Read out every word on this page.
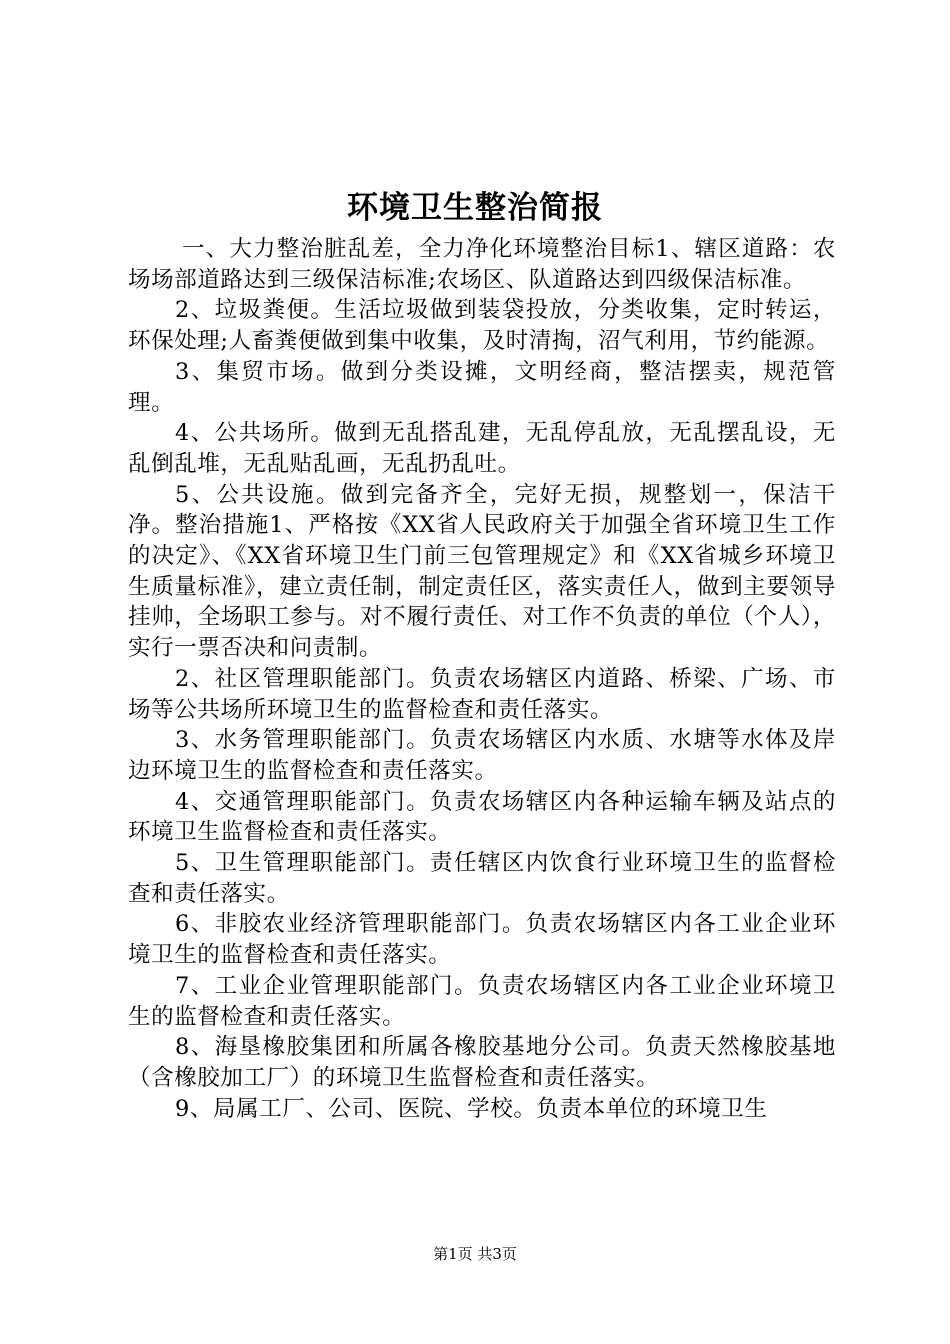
环境卫生整治简报

一、大力整治脏乱差，全力净化环境整治目标1、辖区道路：农场场部道路达到三级保洁标准;农场区、队道路达到四级保洁标准。

2、垃圾粪便。生活垃圾做到装袋投放，分类收集，定时转运，环保处理;人畜粪便做到集中收集，及时清掏，沼气利用，节约能源。

3、集贸市场。做到分类设摊，文明经商，整洁摆卖，规范管理。

4、公共场所。做到无乱搭乱建，无乱停乱放，无乱摆乱设，无乱倒乱堆，无乱贴乱画，无乱扔乱吐。

5、公共设施。做到完备齐全，完好无损，规整划一，保洁干净。整治措施1、严格按《XX省人民政府关于加强全省环境卫生工作的决定》、《XX省环境卫生门前三包管理规定》和《XX省城乡环境卫生质量标准》，建立责任制，制定责任区，落实责任人，做到主要领导挂帅，全场职工参与。对不履行责任、对工作不负责的单位（个人），实行一票否决和问责制。

2、社区管理职能部门。负责农场辖区内道路、桥梁、广场、市场等公共场所环境卫生的监督检查和责任落实。

3、水务管理职能部门。负责农场辖区内水质、水塘等水体及岸边环境卫生的监督检查和责任落实。

4、交通管理职能部门。负责农场辖区内各种运输车辆及站点的环境卫生监督检查和责任落实。

5、卫生管理职能部门。责任辖区内饮食行业环境卫生的监督检查和责任落实。

6、非胶农业经济管理职能部门。负责农场辖区内各工业企业环境卫生的监督检查和责任落实。

7、工业企业管理职能部门。负责农场辖区内各工业企业环境卫生的监督检查和责任落实。

8、海垦橡胶集团和所属各橡胶基地分公司。负责天然橡胶基地（含橡胶加工厂）的环境卫生监督检查和责任落实。

9、局属工厂、公司、医院、学校。负责本单位的环境卫生

第1页 共3页
